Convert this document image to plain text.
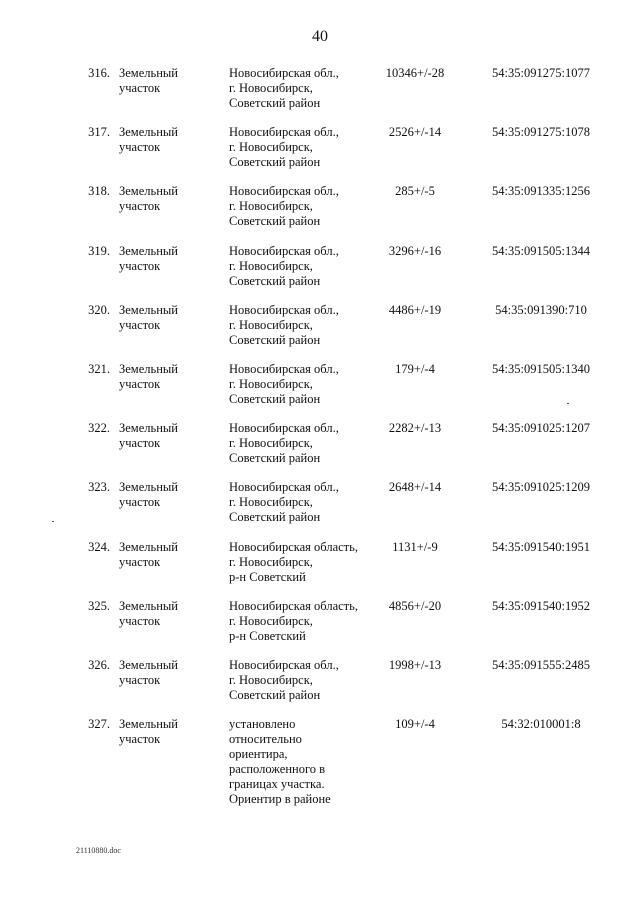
40
316. Земельный
участок
Новосибирская обл.,
г. Новосибирск,
Советский район
10346+/-28	54:35:091275:1077
317. Земельный
участок
Новосибирская обл.,
г. Новосибирск,
Советский район
2526+/-14	54:35:091275:1078
318. Земельный
участок
Новосибирская обл.,
г. Новосибирск,
Советский район
285+/-5	54:35:091335:1256
319. Земельный
участок
Новосибирская обл.,
г. Новосибирск,
Советский район
3296+/-16	54:35:091505:1344
320. Земельный
участок
Новосибирская обл.,
г. Новосибирск,
Советский район
4486+/-19	54:35:091390:710
321. Земельный
участок
Новосибирская обл.,
г. Новосибирск,
Советский район
179+/-4	54:35:091505:1340
322. Земельный
участок
Новосибирская обл.,
г. Новосибирск,
Советский район
2282+/-13	54:35:091025:1207
323. Земельный
участок
Новосибирская обл.,
г. Новосибирск,
Советский район
2648+/-14	54:35:091025:1209
324. Земельный
участок
Новосибирская область,
г. Новосибирск,
р-н Советский
1131+/-9	54:35:091540:1951
325. Земельный
участок
Новосибирская область,
г. Новосибирск,
р-н Советский
4856+/-20	54:35:091540:1952
326. Земельный
участок
Новосибирская обл.,
г. Новосибирск,
Советский район
1998+/-13	54:35:091555:2485
327. Земельный
участок
установлено
относительно
ориентира,
расположенного в
границах участка.
Ориентир в районе
109+/-4	54:32:010001:8
21110880.doc
